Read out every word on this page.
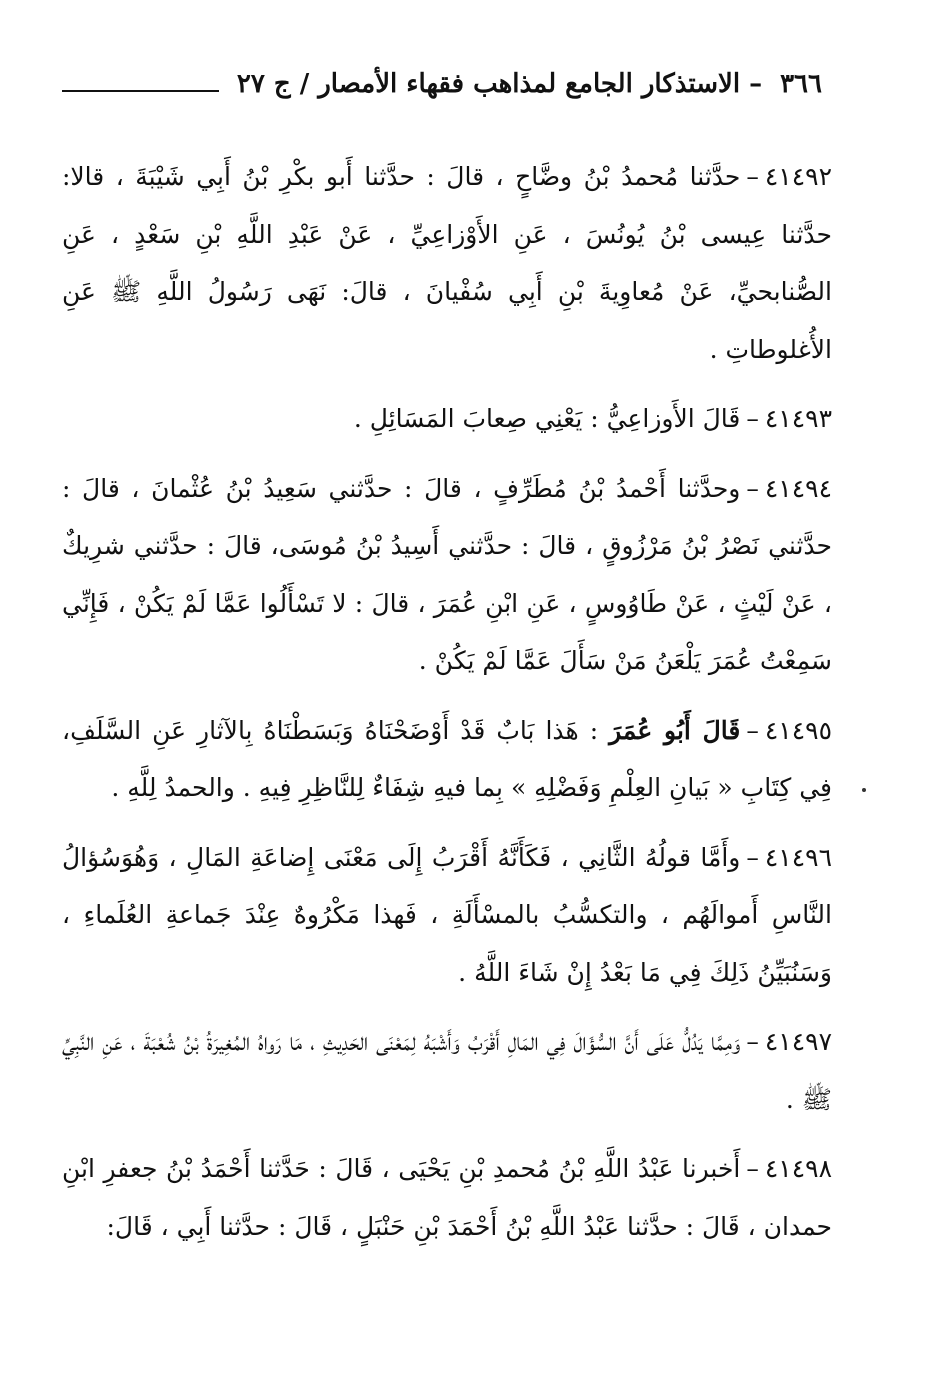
٣٦٦
– الاستذكار الجامع لمذاهب فقهاء الأمصار / ج ٢٧

٤١٤٩٢–حدَّثنا مُحمدُ بْنُ وضَّاحٍ ، قالَ : حدَّثنا أَبو بكْرِ بْنُ أَبِي شَيْبَةَ ، قالا: حدَّثنا عِيسى بْنُ يُونُسَ ، عَنِ الأَوْزاعِيِّ ، عَنْ عَبْدِ اللَّهِ بْنِ سَعْدٍ ، عَنِ الصُّنابحيِّ، عَنْ مُعاوِيةَ بْنِ أَبِي سُفْيانَ ، قالَ: نَهَى رَسُولُ اللَّهِ ﷺ عَنِ الأُغلوطاتِ .

٤١٤٩٣–قَالَ الأَوزاعِيُّ : يَعْنِي صِعابَ المَسَائِلِ .

٤١٤٩٤–وحدَّثنا أَحْمدُ بْنُ مُطَرِّفٍ ، قالَ : حدَّثني سَعِيدُ بْنُ عُثْمانَ ، قالَ : حدَّثني نَصْرُ بْنُ مَرْزُوقٍ ، قالَ : حدَّثني أَسِيدُ بْنُ مُوسَى، قالَ : حدَّثني شرِيكٌ ، عَنْ لَيْثٍ ، عَنْ طَاوُوسٍ ، عَنِ ابْنِ عُمَرَ ، قالَ : لا تَسْأَلُوا عَمَّا لَمْ يَكُنْ ، فَإِنِّي سَمِعْتُ عُمَرَ يَلْعَنُ مَنْ سَأَلَ عَمَّا لَمْ يَكُنْ .

٤١٤٩٥–قَالَ أَبُو عُمَرَ : هَذا بَابٌ قَدْ أَوْضَحْنَاهُ وَبَسَطْنَاهُ بِالآثارِ عَنِ السَّلَفِ، فِي كِتَابِ « بَيانِ العِلْمِ وَفَضْلِهِ » بِما فيهِ شِفَاءٌ لِلنَّاظِرِ فِيهِ . والحمدُ لِلَّهِ .

٤١٤٩٦–وأَمَّا قولُهُ الثَّانِي ، فَكَأَنَّهُ أَقْرَبُ إِلَى مَعْنَى إِضاعَةِ المَالِ ، وَهُوَسُؤالُ النَّاسِ أَموالَهُم ، والتكسُّبُ بالمسْأَلَةِ ، فَهذا مَكْرُوهٌ عِنْدَ جَماعةِ العُلَماءِ ، وَسَنُبَيِّنُ ذَلِكَ فِي مَا بَعْدُ إِنْ شَاءَ اللَّهُ .

٤١٤٩٧–وَمِمَّا يَدُلُّ عَلَى أَنَّ السُّؤَالَ فِي المَالِ أَقْرَبُ وَأَشْبَهُ لِمَعْنَى الحَدِيثِ ، مَا رَواهُ المُغِيرَةُ بْنُ شُعْبَةَ ، عَنِ النَّبِيِّ ﷺ .

٤١٤٩٨–أَخبرنا عَبْدُ اللَّهِ بْنُ مُحمدِ بْنِ يَحْيَى ، قَالَ : حَدَّثنا أَحْمَدُ بْنُ جعفرِ ابْنِ حمدان ، قَالَ : حدَّثنا عَبْدُ اللَّهِ بْنُ أَحْمَدَ بْنِ حَنْبَلٍ ، قَالَ : حدَّثنا أَبِي ، قَالَ:
